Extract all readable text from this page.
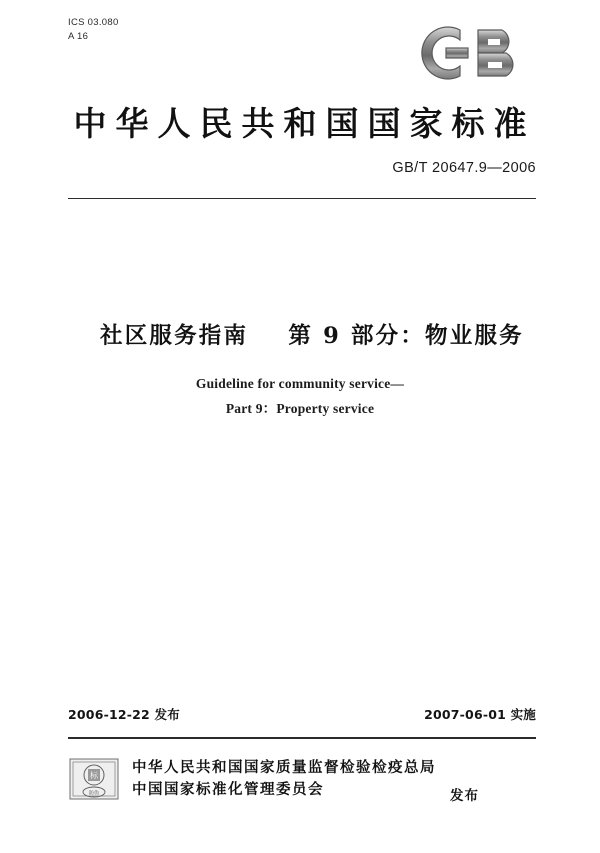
ICS 03.080
A 16
中华人民共和国国家标准
GB/T 20647.9—2006
社区服务指南    第 9 部分：物业服务
Guideline for community service—
Part 9：Property service
2006-12-22 发布	2007-06-01 实施
标
防伪
中华人民共和国国家质量监督检验检疫总局
中国国家标准化管理委员会	发布
